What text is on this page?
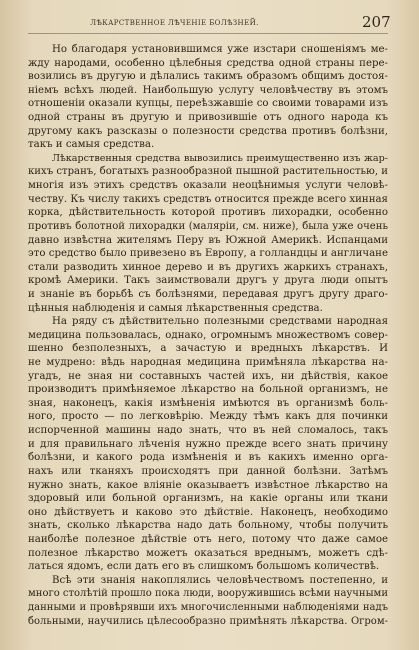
ЛѢКАРСТВЕННОЕ ЛѢЧЕНІЕ БОЛѢЗНЕЙ.	207
Но благодаря установившимся уже изстари сношеніямъ ме-
жду народами, особенно цѣлебныя средства одной страны пере-
возились въ другую и дѣлались такимъ образомъ общимъ достоя-
ніемъ всѣхъ людей. Наибольшую услугу человѣчеству въ этомъ
отношеніи оказали купцы, переѣзжавшіе со своими товарами изъ
одной страны въ другую и привозившіе отъ одного народа къ
другому какъ разсказы о полезности средства противъ болѣзни,
такъ и самыя средства.
Лѣкарственныя средства вывозились преимущественно изъ жар-
кихъ странъ, богатыхъ разнообразной пышной растительностью, и
многія изъ этихъ средствъ оказали неоцѣнимыя услуги человѣ-
честву. Къ числу такихъ средствъ относится прежде всего хинная
корка, дѣйствительность которой противъ лихорадки, особенно
противъ болотной лихорадки (маляріи, см. ниже), была уже очень
давно извѣстна жителямъ Перу въ Южной Америкѣ. Испанцами
это средство было привезено въ Европу, а голландцы и англичане
стали разводить хинное дерево и въ другихъ жаркихъ странахъ,
кромѣ Америки. Такъ заимствовали другъ у друга люди опытъ
и знаніе въ борьбѣ съ болѣзнями, передавая другъ другу драго-
цѣнныя наблюденія и самыя лѣкарственныя средства.
На ряду съ дѣйствительно полезными средствами народная
медицина пользовалась, однако, огромнымъ множествомъ совер-
шенно безполезныхъ, а зачастую и вредныхъ лѣкарствъ. И
не мудрено: вѣдь народная медицина примѣняла лѣкарства на-
угадъ, не зная ни составныхъ частей ихъ, ни дѣйствія, какое
производитъ примѣняемое лѣкарство на больной организмъ, не
зная, наконецъ, какія измѣненія имѣются въ организмѣ боль-
ного, просто — по легковѣрію. Между тѣмъ какъ для починки
испорченной машины надо знать, что въ ней сломалось, такъ
и для правильнаго лѣченія нужно прежде всего знать причину
болѣзни, и какого рода измѣненія и въ какихъ именно орга-
нахъ или тканяхъ происходятъ при данной болѣзни. Затѣмъ
нужно знать, какое вліяніе оказываетъ извѣстное лѣкарство на
здоровый или больной организмъ, на какіе органы или ткани
оно дѣйствуетъ и каково это дѣйствіе. Наконецъ, необходимо
знать, сколько лѣкарства надо дать больному, чтобы получить
наиболѣе полезное дѣйствіе отъ него, потому что даже самое
полезное лѣкарство можетъ оказаться вреднымъ, можетъ сдѣ-
латься ядомъ, если дать его въ слишкомъ большомъ количествѣ.
Всѣ эти знанія накоплялись человѣчествомъ постепенно, и
много столѣтій прошло пока люди, вооружившись всѣми научными
данными и провѣрявши ихъ многочисленными наблюденіями надъ
больными, научились цѣлесообразно примѣнять лѣкарства. Огром-
